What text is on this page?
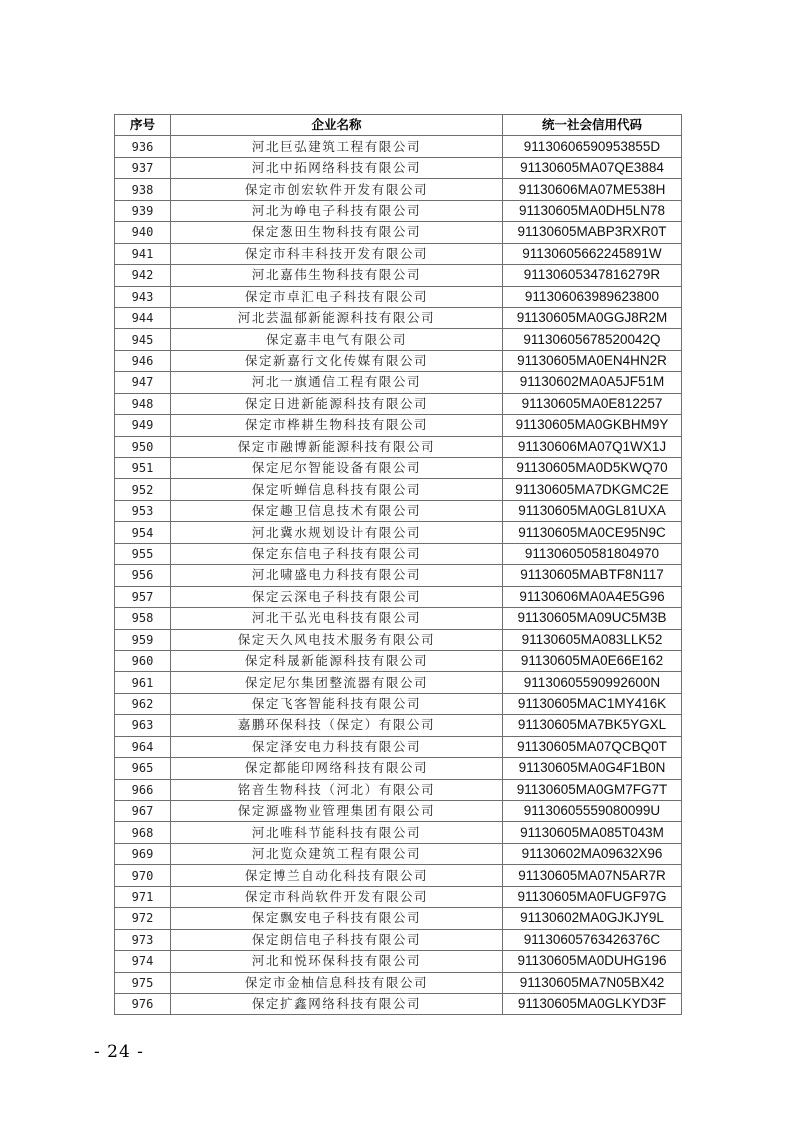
序号	企业名称	统一社会信用代码
936	河北巨弘建筑工程有限公司	91130606590953855D
937	河北中拓网络科技有限公司	91130605MA07QE3884
938	保定市创宏软件开发有限公司	91130606MA07ME538H
939	河北为峥电子科技有限公司	91130605MA0DH5LN78
940	保定葱田生物科技有限公司	91130605MABP3RXR0T
941	保定市科丰科技开发有限公司	91130605662245891W
942	河北嘉伟生物科技有限公司	91130605347816279R
943	保定市卓汇电子科技有限公司	911306063989623800
944	河北芸温郁新能源科技有限公司	91130605MA0GGJ8R2M
945	保定嘉丰电气有限公司	91130605678520042Q
946	保定新嘉行文化传媒有限公司	91130605MA0EN4HN2R
947	河北一旗通信工程有限公司	91130602MA0A5JF51M
948	保定日进新能源科技有限公司	91130605MA0E812257
949	保定市桦耕生物科技有限公司	91130605MA0GKBHM9Y
950	保定市融博新能源科技有限公司	91130606MA07Q1WX1J
951	保定尼尔智能设备有限公司	91130605MA0D5KWQ70
952	保定听蝉信息科技有限公司	91130605MA7DKGMC2E
953	保定趣卫信息技术有限公司	91130605MA0GL81UXA
954	河北冀水规划设计有限公司	91130605MA0CE95N9C
955	保定东信电子科技有限公司	911306050581804970
956	河北啸盛电力科技有限公司	91130605MABTF8N117
957	保定云深电子科技有限公司	91130606MA0A4E5G96
958	河北干弘光电科技有限公司	91130605MA09UC5M3B
959	保定天久风电技术服务有限公司	91130605MA083LLK52
960	保定科晟新能源科技有限公司	91130605MA0E66E162
961	保定尼尔集团整流器有限公司	91130605590992600N
962	保定飞客智能科技有限公司	91130605MAC1MY416K
963	嘉鹏环保科技（保定）有限公司	91130605MA7BK5YGXL
964	保定泽安电力科技有限公司	91130605MA07QCBQ0T
965	保定都能印网络科技有限公司	91130605MA0G4F1B0N
966	铭音生物科技（河北）有限公司	91130605MA0GM7FG7T
967	保定源盛物业管理集团有限公司	91130605559080099U
968	河北唯科节能科技有限公司	91130605MA085T043M
969	河北览众建筑工程有限公司	91130602MA09632X96
970	保定博兰自动化科技有限公司	91130605MA07N5AR7R
971	保定市科尚软件开发有限公司	91130605MA0FUGF97G
972	保定飘安电子科技有限公司	91130602MA0GJKJY9L
973	保定朗信电子科技有限公司	91130605763426376C
974	河北和悦环保科技有限公司	91130605MA0DUHG196
975	保定市金柚信息科技有限公司	91130605MA7N05BX42
976	保定扩鑫网络科技有限公司	91130605MA0GLKYD3F
- 24 -
